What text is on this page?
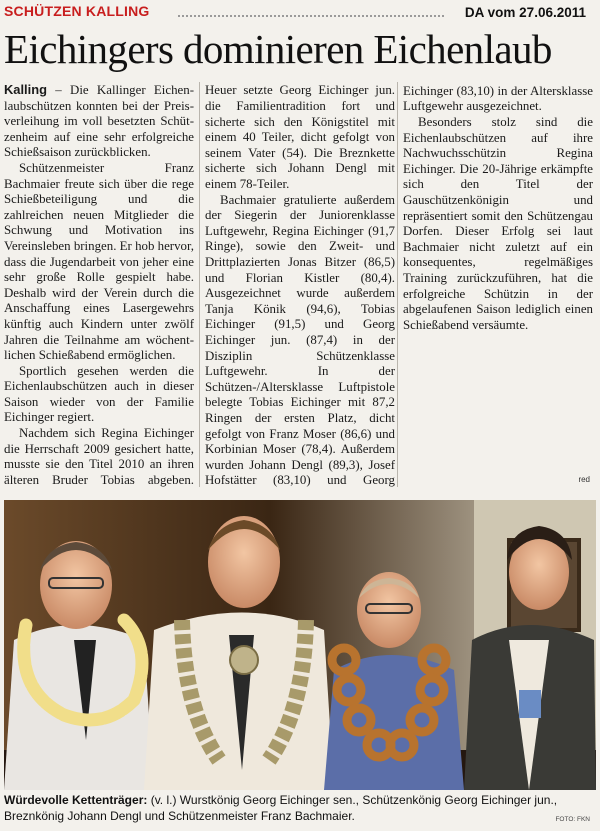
SCHÜTZEN KALLING	DA vom 27.06.2011
Eichingers dominieren Eichenlaub

Kalling – Die Kallinger Eichenlaubschützen konnten bei der Preisverleihung im voll besetzten Schützenheim auf eine sehr erfolgreiche Schießsaison zurückblicken.

Schützenmeister Franz Bachmaier freute sich über die rege Schießbeteiligung und die zahlreichen neuen Mitglieder die Schwung und Motivation ins Vereinsleben bringen. Er hob hervor, dass die Jugendarbeit von jeher eine sehr große Rolle gespielt habe. Deshalb wird der Verein durch die Anschaffung eines Lasergewehrs künftig auch Kindern unter zwölf Jahren die Teilnahme am wöchentlichen Schießabend ermöglichen.

Sportlich gesehen werden die Eichenlaubschützen auch in dieser Saison wieder von der Familie Eichinger regiert.

Nachdem sich Regina Eichinger die Herrschaft 2009 gesichert hatte, musste sie den Titel 2010 an ihren älteren Bruder Tobias abgeben.

Heuer setzte Georg Eichinger jun. die Familientradition fort und sicherte sich den Königstitel mit einem 40 Teiler, dicht gefolgt von seinem Vater (54). Die Breznkette sicherte sich Johann Dengl mit einem 78-Teiler.

Bachmaier gratulierte außerdem der Siegerin der Juniorenklasse Luftgewehr, Regina Eichinger (91,7 Ringe), sowie den Zweit- und Drittplazierten Jonas Bitzer (86,5) und Florian Kistler (80,4). Ausgezeichnet wurde außerdem Tanja Könik (94,6), Tobias Eichinger (91,5) und Georg Eichinger jun. (87,4) in der Disziplin Schützenklasse Luftgewehr. In der Schützen-/Altersklasse Luftpistole belegte Tobias Eichinger mit 87,2 Ringen der ersten Platz, dicht gefolgt von Franz Moser (86,6) und Korbinian Moser (78,4). Außerdem wurden Johann Dengl (89,3), Josef Hofstätter (83,10) und Georg

Eichinger (83,10) in der Altersklasse Luftgewehr ausgezeichnet.

Besonders stolz sind die Eichenlaubschützen auf ihre Nachwuchsschützin Regina Eichinger. Die 20-Jährige erkämpfte sich den Titel der Gauschützenkönigin und repräsentiert somit den Schützengau Dorfen. Dieser Erfolg sei laut Bachmaier nicht zuletzt auf ein konsequentes, regelmäßiges Training zurückzuführen, hat die erfolgreiche Schützin in der abgelaufenen Saison lediglich einen Schießabend versäumte.

red
Würdevolle Kettenträger: (v. l.) Wurstkönig Georg Eichinger sen., Schützenkönig Georg Eichinger jun., Breznkönig Johann Dengl und Schützenmeister Franz Bachmaier.	FOTO: FKN
